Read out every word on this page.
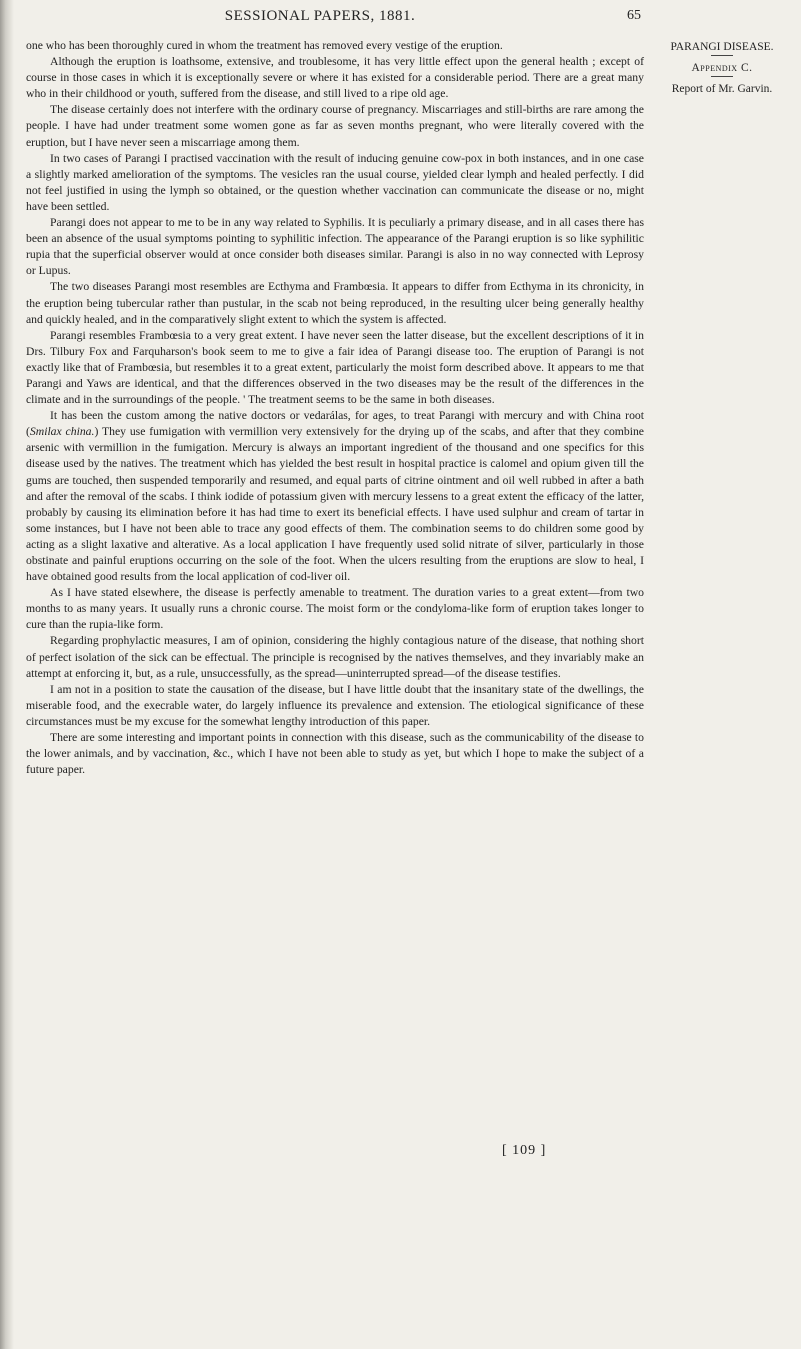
SESSIONAL PAPERS, 1881.	65
PARANGI DISEASE.
Appendix C.
Report of Mr. Garvin.

one who has been thoroughly cured in whom the treatment has removed every vestige of the eruption.

Although the eruption is loathsome, extensive, and troublesome, it has very little effect upon the general health ; except of course in those cases in which it is exceptionally severe or where it has existed for a considerable period. There are a great many who in their childhood or youth, suffered from the disease, and still lived to a ripe old age.

The disease certainly does not interfere with the ordinary course of pregnancy. Miscarriages and still-births are rare among the people. I have had under treatment some women gone as far as seven months pregnant, who were literally covered with the eruption, but I have never seen a miscarriage among them.

In two cases of Parangi I practised vaccination with the result of inducing genuine cow-pox in both instances, and in one case a slightly marked amelioration of the symptoms. The vesicles ran the usual course, yielded clear lymph and healed perfectly. I did not feel justified in using the lymph so obtained, or the question whether vaccination can communicate the disease or no, might have been settled.

Parangi does not appear to me to be in any way related to Syphilis. It is peculiarly a primary disease, and in all cases there has been an absence of the usual symptoms pointing to syphilitic infection. The appearance of the Parangi eruption is so like syphilitic rupia that the superficial observer would at once consider both diseases similar. Parangi is also in no way connected with Leprosy or Lupus.

The two diseases Parangi most resembles are Ecthyma and Frambœsia. It appears to differ from Ecthyma in its chronicity, in the eruption being tubercular rather than pustular, in the scab not being reproduced, in the resulting ulcer being generally healthy and quickly healed, and in the comparatively slight extent to which the system is affected.

Parangi resembles Frambœsia to a very great extent. I have never seen the latter disease, but the excellent descriptions of it in Drs. Tilbury Fox and Farquharson's book seem to me to give a fair idea of Parangi disease too. The eruption of Parangi is not exactly like that of Frambœsia, but resembles it to a great extent, particularly the moist form described above. It appears to me that Parangi and Yaws are identical, and that the differences observed in the two diseases may be the result of the differences in the climate and in the surroundings of the people. ' The treatment seems to be the same in both diseases.

It has been the custom among the native doctors or vedarálas, for ages, to treat Parangi with mercury and with China root (Smilax china.) They use fumigation with vermillion very extensively for the drying up of the scabs, and after that they combine arsenic with vermillion in the fumigation. Mercury is always an important ingredient of the thousand and one specifics for this disease used by the natives. The treatment which has yielded the best result in hospital practice is calomel and opium given till the gums are touched, then suspended temporarily and resumed, and equal parts of citrine ointment and oil well rubbed in after a bath and after the removal of the scabs. I think iodide of potassium given with mercury lessens to a great extent the efficacy of the latter, probably by causing its elimination before it has had time to exert its beneficial effects. I have used sulphur and cream of tartar in some instances, but I have not been able to trace any good effects of them. The combination seems to do children some good by acting as a slight laxative and alterative. As a local application I have frequently used solid nitrate of silver, particularly in those obstinate and painful eruptions occurring on the sole of the foot. When the ulcers resulting from the eruptions are slow to heal, I have obtained good results from the local application of cod-liver oil.

As I have stated elsewhere, the disease is perfectly amenable to treatment. The duration varies to a great extent—from two months to as many years. It usually runs a chronic course. The moist form or the condyloma-like form of eruption takes longer to cure than the rupia-like form.

Regarding prophylactic measures, I am of opinion, considering the highly contagious nature of the disease, that nothing short of perfect isolation of the sick can be effectual. The principle is recognised by the natives themselves, and they invariably make an attempt at enforcing it, but, as a rule, unsuccessfully, as the spread—uninterrupted spread—of the disease testifies.

I am not in a position to state the causation of the disease, but I have little doubt that the insanitary state of the dwellings, the miserable food, and the execrable water, do largely influence its prevalence and extension. The etiological significance of these circumstances must be my excuse for the somewhat lengthy introduction of this paper.

There are some interesting and important points in connection with this disease, such as the communicability of the disease to the lower animals, and by vaccination, &c., which I have not been able to study as yet, but which I hope to make the subject of a future paper.

[ 109 ]
